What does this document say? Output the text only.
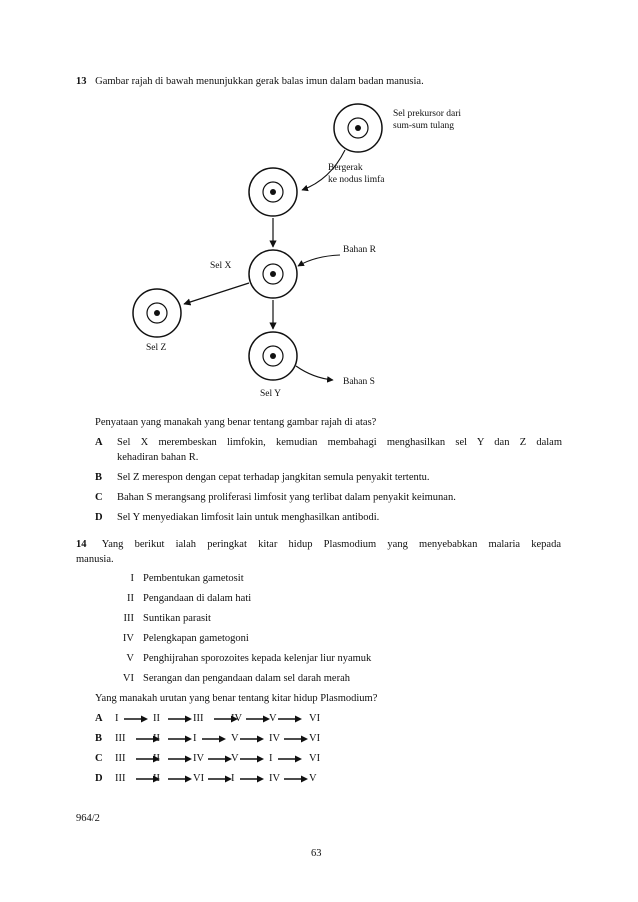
13 Gambar rajah di bawah menunjukkan gerak balas imun dalam badan manusia.
Sel prekursor dari
sum-sum tulang
Bergerak
ke nodus limfa
Bahan R
Sel X
Sel Z
Bahan S
Sel Y
Penyataan yang manakah yang benar tentang gambar rajah di atas?
A	Sel X merembeskan limfokin, kemudian membahagi menghasilkan sel Y dan Z dalam
kehadiran bahan R.
B	Sel Z merespon dengan cepat terhadap jangkitan semula penyakit tertentu.
C	Bahan S merangsang proliferasi limfosit yang terlibat dalam penyakit keimunan.
D	Sel Y menyediakan limfosit lain untuk menghasilkan antibodi.
14 Yang berikut ialah peringkat kitar hidup Plasmodium yang menyebabkan malaria kepada
manusia.
I Pembentukan gametosit
II Pengandaan di dalam hati
III Suntikan parasit
IV Pelengkapan gametogoni
V Penghijrahan sporozoites kepada kelenjar liur nyamuk
VI Serangan dan pengandaan dalam sel darah merah
Yang manakah urutan yang benar tentang kitar hidup Plasmodium?
A I	II	III	IV	V	VI
B III	II	I	V	IV	VI
C III	II	IV	V	I	VI
D III	II	VI	I	IV	V
964/2
63
